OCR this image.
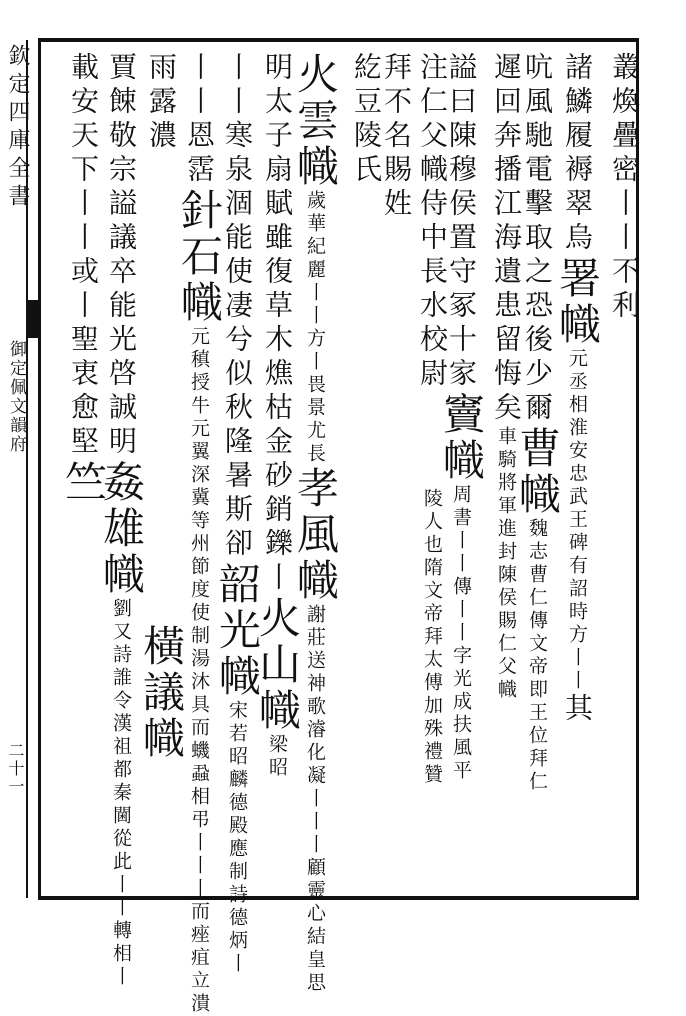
欽定四庫全書
御定佩文韻府
二十一
叢煥疊密丨丨不利
諸鱗履褥翠烏署幟元丞相淮安忠武王碑有詔時方丨丨其
吭風馳電擊取之恐後少爾曹幟魏志曹仁傳文帝即王位拜仁
遲回奔播江海遺患留悔矣車騎將軍進封陳侯賜仁父幟
謚曰陳穆侯置守冢十家竇幟周書丨丨傳丨丨字光成扶風平
注仁父幟侍中長水校尉陵人也隋文帝拜太傅加殊禮贊
拜不名賜姓
紇豆陵氏
火雲幟歲華紀麗丨丨方丨畏景尤長孝風幟謝莊送神歌濬化凝丨丨丨顧靈心結皇思
明太子扇賦雖復草木燋枯金砂銷鑠丨火山幟梁昭
丨丨寒泉涸能使凄兮似秋隆暑斯卻韶光幟宋若昭麟德殿應制詩德炳丨
丨丨恩霑針石幟元稹授牛元翼深冀等州節度使制湯沐具而蟣蝨相弔丨丨丨而痤疽立潰
雨露濃橫議幟
賈餗敬宗謚議卒能光啓誠明姦雄幟劉又詩誰令漢祖都秦閫從此丨丨轉相丨
載安天下丨丨或丨聖衷愈堅竺
